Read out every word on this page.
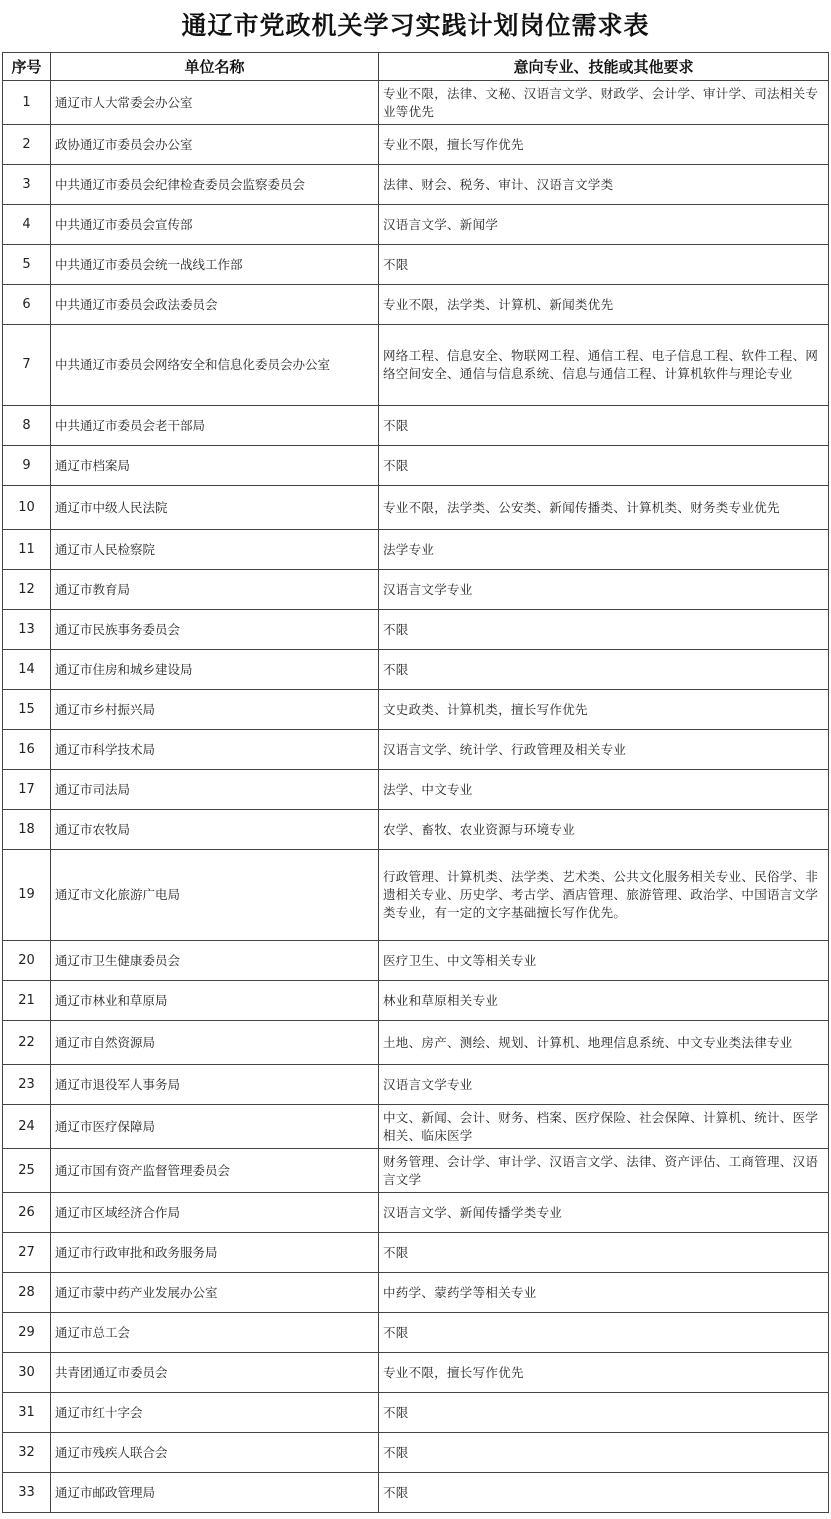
通辽市党政机关学习实践计划岗位需求表
序号	单位名称	意向专业、技能或其他要求
1	通辽市人大常委会办公室	专业不限，法律、文秘、汉语言文学、财政学、会计学、审计学、司法相关专业等优先
2	政协通辽市委员会办公室	专业不限，擅长写作优先
3	中共通辽市委员会纪律检查委员会监察委员会	法律、财会、税务、审计、汉语言文学类
4	中共通辽市委员会宣传部	汉语言文学、新闻学
5	中共通辽市委员会统一战线工作部	不限
6	中共通辽市委员会政法委员会	专业不限，法学类、计算机、新闻类优先
7	中共通辽市委员会网络安全和信息化委员会办公室	网络工程、信息安全、物联网工程、通信工程、电子信息工程、软件工程、网络空间安全、通信与信息系统、信息与通信工程、计算机软件与理论专业
8	中共通辽市委员会老干部局	不限
9	通辽市档案局	不限
10	通辽市中级人民法院	专业不限，法学类、公安类、新闻传播类、计算机类、财务类专业优先
11	通辽市人民检察院	法学专业
12	通辽市教育局	汉语言文学专业
13	通辽市民族事务委员会	不限
14	通辽市住房和城乡建设局	不限
15	通辽市乡村振兴局	文史政类、计算机类，擅长写作优先
16	通辽市科学技术局	汉语言文学、统计学、行政管理及相关专业
17	通辽市司法局	法学、中文专业
18	通辽市农牧局	农学、畜牧、农业资源与环境专业
19	通辽市文化旅游广电局	行政管理、计算机类、法学类、艺术类、公共文化服务相关专业、民俗学、非遗相关专业、历史学、考古学、酒店管理、旅游管理、政治学、中国语言文学类专业，有一定的文字基础擅长写作优先。
20	通辽市卫生健康委员会	医疗卫生、中文等相关专业
21	通辽市林业和草原局	林业和草原相关专业
22	通辽市自然资源局	土地、房产、测绘、规划、计算机、地理信息系统、中文专业类法律专业
23	通辽市退役军人事务局	汉语言文学专业
24	通辽市医疗保障局	中文、新闻、会计、财务、档案、医疗保险、社会保障、计算机、统计、医学相关、临床医学
25	通辽市国有资产监督管理委员会	财务管理、会计学、审计学、汉语言文学、法律、资产评估、工商管理、汉语言文学
26	通辽市区域经济合作局	汉语言文学、新闻传播学类专业
27	通辽市行政审批和政务服务局	不限
28	通辽市蒙中药产业发展办公室	中药学、蒙药学等相关专业
29	通辽市总工会	不限
30	共青团通辽市委员会	专业不限，擅长写作优先
31	通辽市红十字会	不限
32	通辽市残疾人联合会	不限
33	通辽市邮政管理局	不限
